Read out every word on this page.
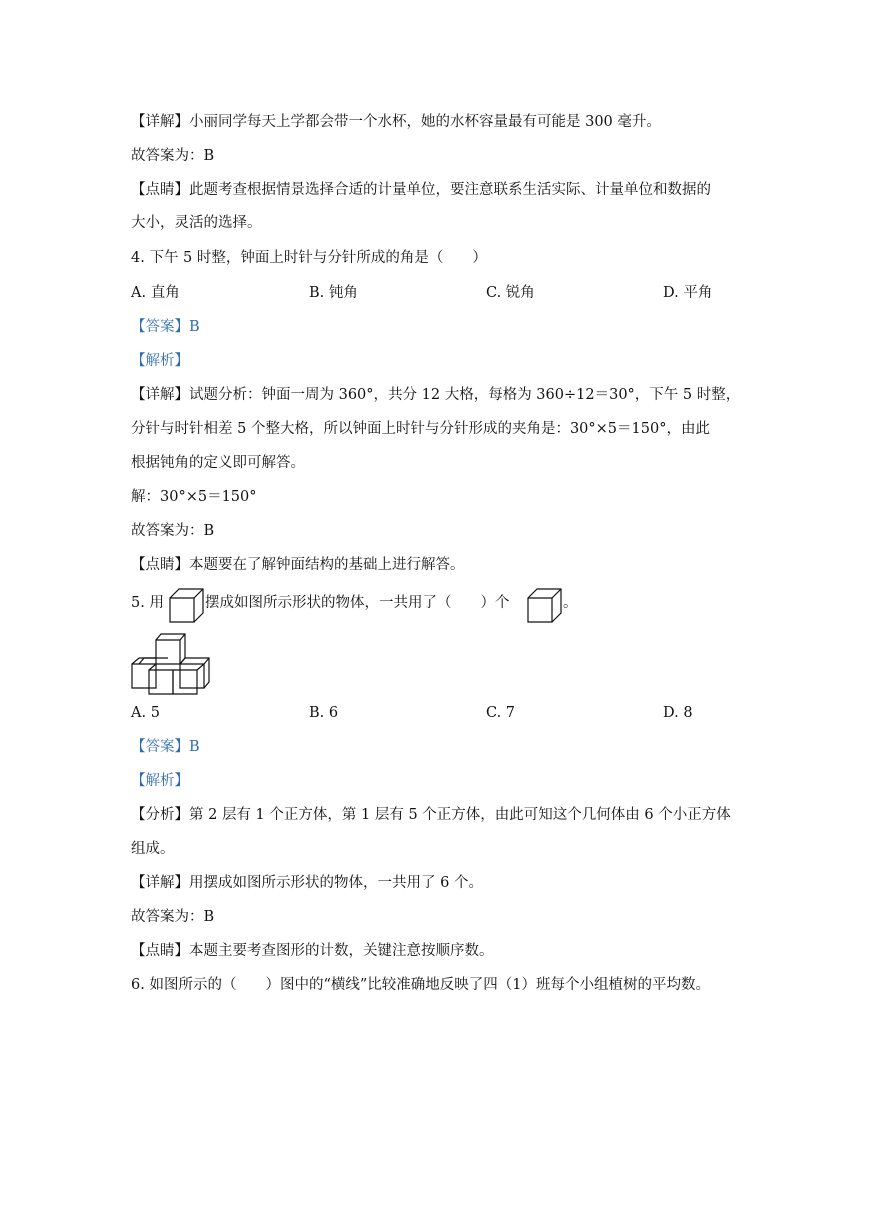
【详解】小丽同学每天上学都会带一个水杯，她的水杯容量最有可能是 300 毫升。
故答案为：B
【点睛】此题考查根据情景选择合适的计量单位，要注意联系生活实际、计量单位和数据的
大小，灵活的选择。
4. 下午 5 时整，钟面上时针与分针所成的角是（　　）
A. 直角	B. 钝角	C. 锐角	D. 平角
【答案】B
【解析】
【详解】试题分析：钟面一周为 360°，共分 12 大格，每格为 360÷12＝30°，下午 5 时整，
分针与时针相差 5 个整大格，所以钟面上时针与分针形成的夹角是：30°×5＝150°，由此
根据钝角的定义即可解答。
解：30°×5＝150°
故答案为：B
【点睛】本题要在了解钟面结构的基础上进行解答。
5. 用	摆成如图所示形状的物体，一共用了（　　）个	。
A. 5	B. 6	C. 7	D. 8
【答案】B
【解析】
【分析】第 2 层有 1 个正方体，第 1 层有 5 个正方体，由此可知这个几何体由 6 个小正方体
组成。
【详解】用摆成如图所示形状的物体，一共用了 6 个。
故答案为：B
【点睛】本题主要考查图形的计数，关键注意按顺序数。
6. 如图所示的（　　）图中的“横线”比较准确地反映了四（1）班每个小组植树的平均数。
